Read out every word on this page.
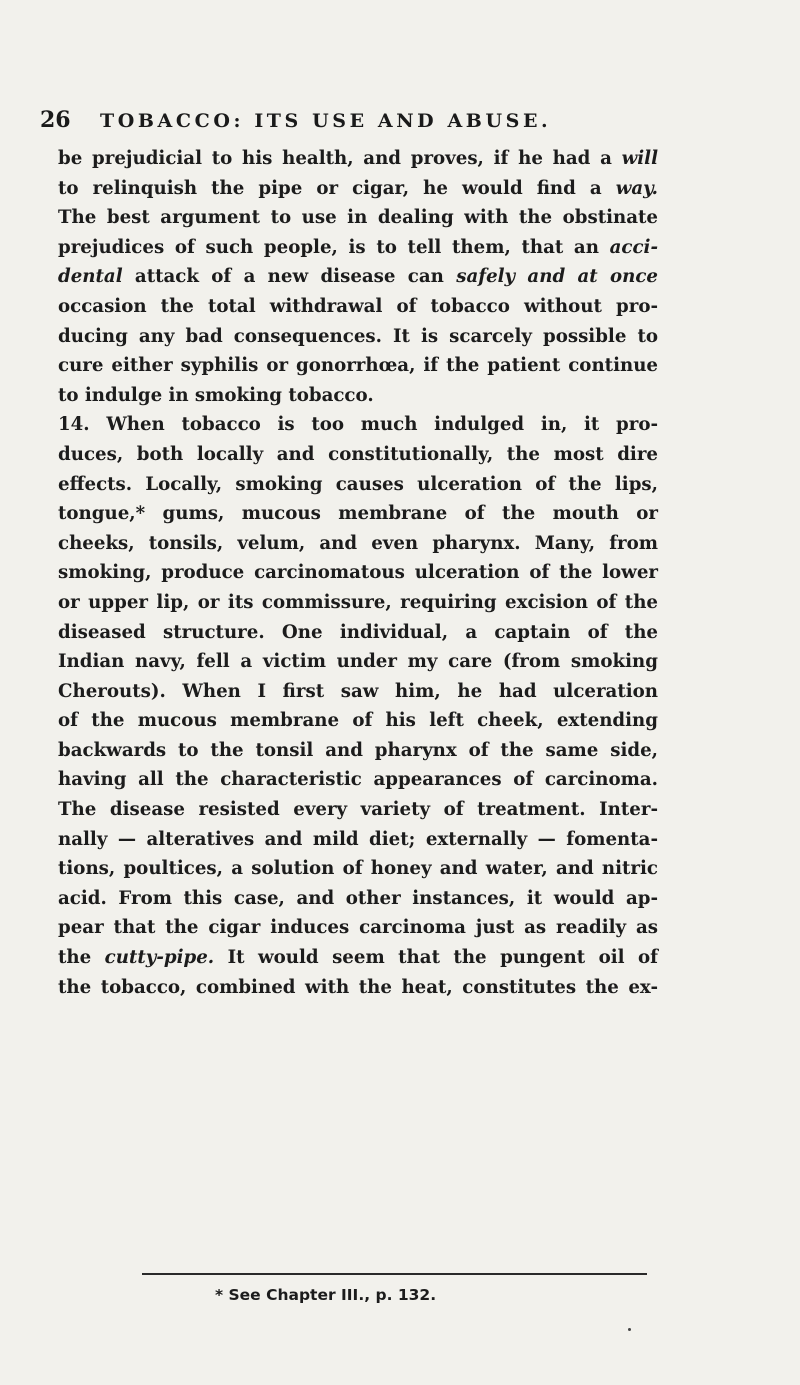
26 TOBACCO: ITS USE AND ABUSE.
be prejudicial to his health, and proves, if he had a will
to relinquish the pipe or cigar, he would find a way.
The best argument to use in dealing with the obstinate
prejudices of such people, is to tell them, that an acci-
dental attack of a new disease can safely and at once
occasion the total withdrawal of tobacco without pro-
ducing any bad consequences. It is scarcely possible to
cure either syphilis or gonorrhœa, if the patient continue
to indulge in smoking tobacco.
14. When tobacco is too much indulged in, it pro-
duces, both locally and constitutionally, the most dire
effects. Locally, smoking causes ulceration of the lips,
tongue,* gums, mucous membrane of the mouth or
cheeks, tonsils, velum, and even pharynx. Many, from
smoking, produce carcinomatous ulceration of the lower
or upper lip, or its commissure, requiring excision of the
diseased structure. One individual, a captain of the
Indian navy, fell a victim under my care (from smoking
Cherouts). When I first saw him, he had ulceration
of the mucous membrane of his left cheek, extending
backwards to the tonsil and pharynx of the same side,
having all the characteristic appearances of carcinoma.
The disease resisted every variety of treatment. Inter-
nally — alteratives and mild diet; externally — fomenta-
tions, poultices, a solution of honey and water, and nitric
acid. From this case, and other instances, it would ap-
pear that the cigar induces carcinoma just as readily as
the cutty-pipe. It would seem that the pungent oil of
the tobacco, combined with the heat, constitutes the ex-
* See Chapter III., p. 132.
